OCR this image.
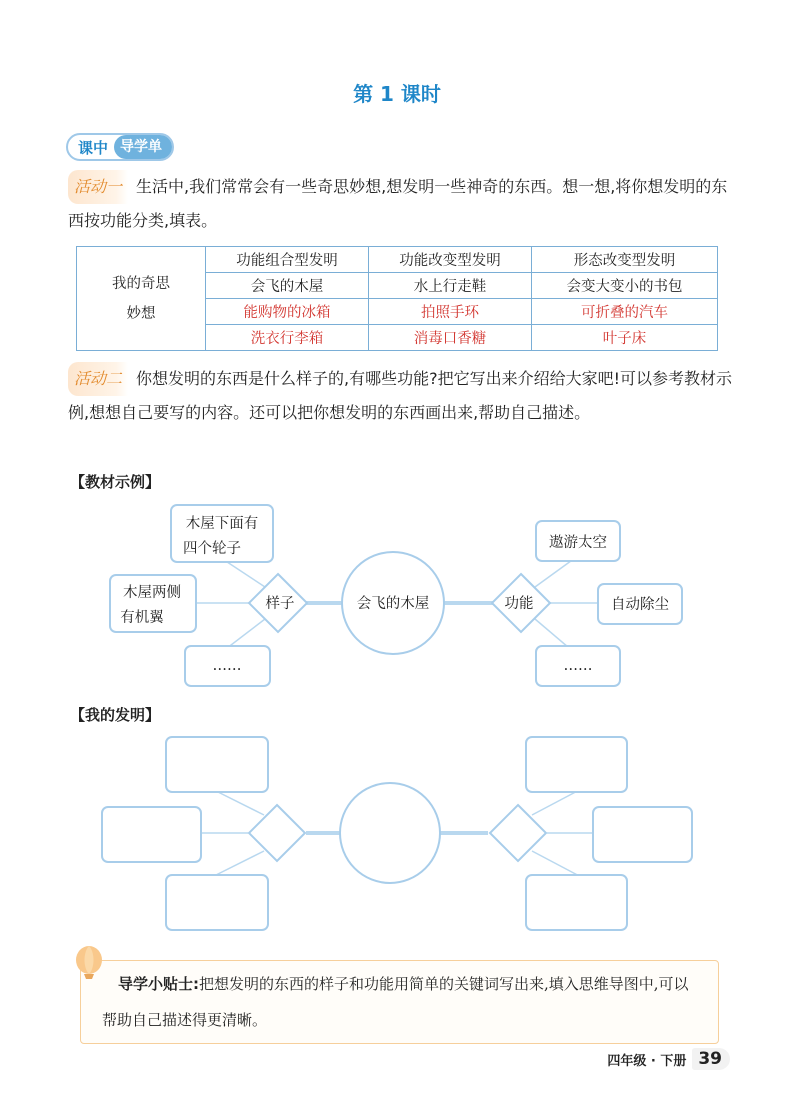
第 1 课时
课中 导学单
活动一 生活中,我们常常会有一些奇思妙想,想发明一些神奇的东西。想一想,将你想发明的东西按功能分类,填表。
我的奇思妙想	功能组合型发明	功能改变型发明	形态改变型发明
	会飞的木屋	水上行走鞋	会变大变小的书包
	能购物的冰箱	拍照手环	可折叠的汽车
	洗衣行李箱	消毒口香糖	叶子床
活动二 你想发明的东西是什么样子的,有哪些功能?把它写出来介绍给大家吧!可以参考教材示例,想想自己要写的内容。还可以把你想发明的东西画出来,帮助自己描述。
【教材示例】
木屋下面有
四个轮子
木屋两侧
有机翼
……
遨游太空
自动除尘
……
样子	功能
会飞的木屋
【我的发明】
导学小贴士:把想发明的东西的样子和功能用简单的关键词写出来,填入思维导图中,可以帮助自己描述得更清晰。
四年级 · 下册 39
